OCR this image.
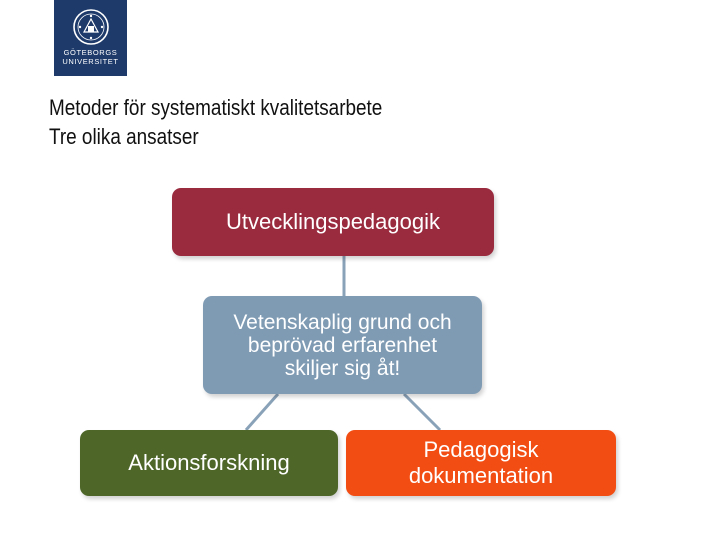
GÖTEBORGS
UNIVERSITET
Metoder för systematiskt kvalitetsarbete
Tre olika ansatser
Utvecklingspedagogik
Vetenskaplig grund och
beprövad erfarenhet
skiljer sig åt!
Aktionsforskning
Pedagogisk
dokumentation
